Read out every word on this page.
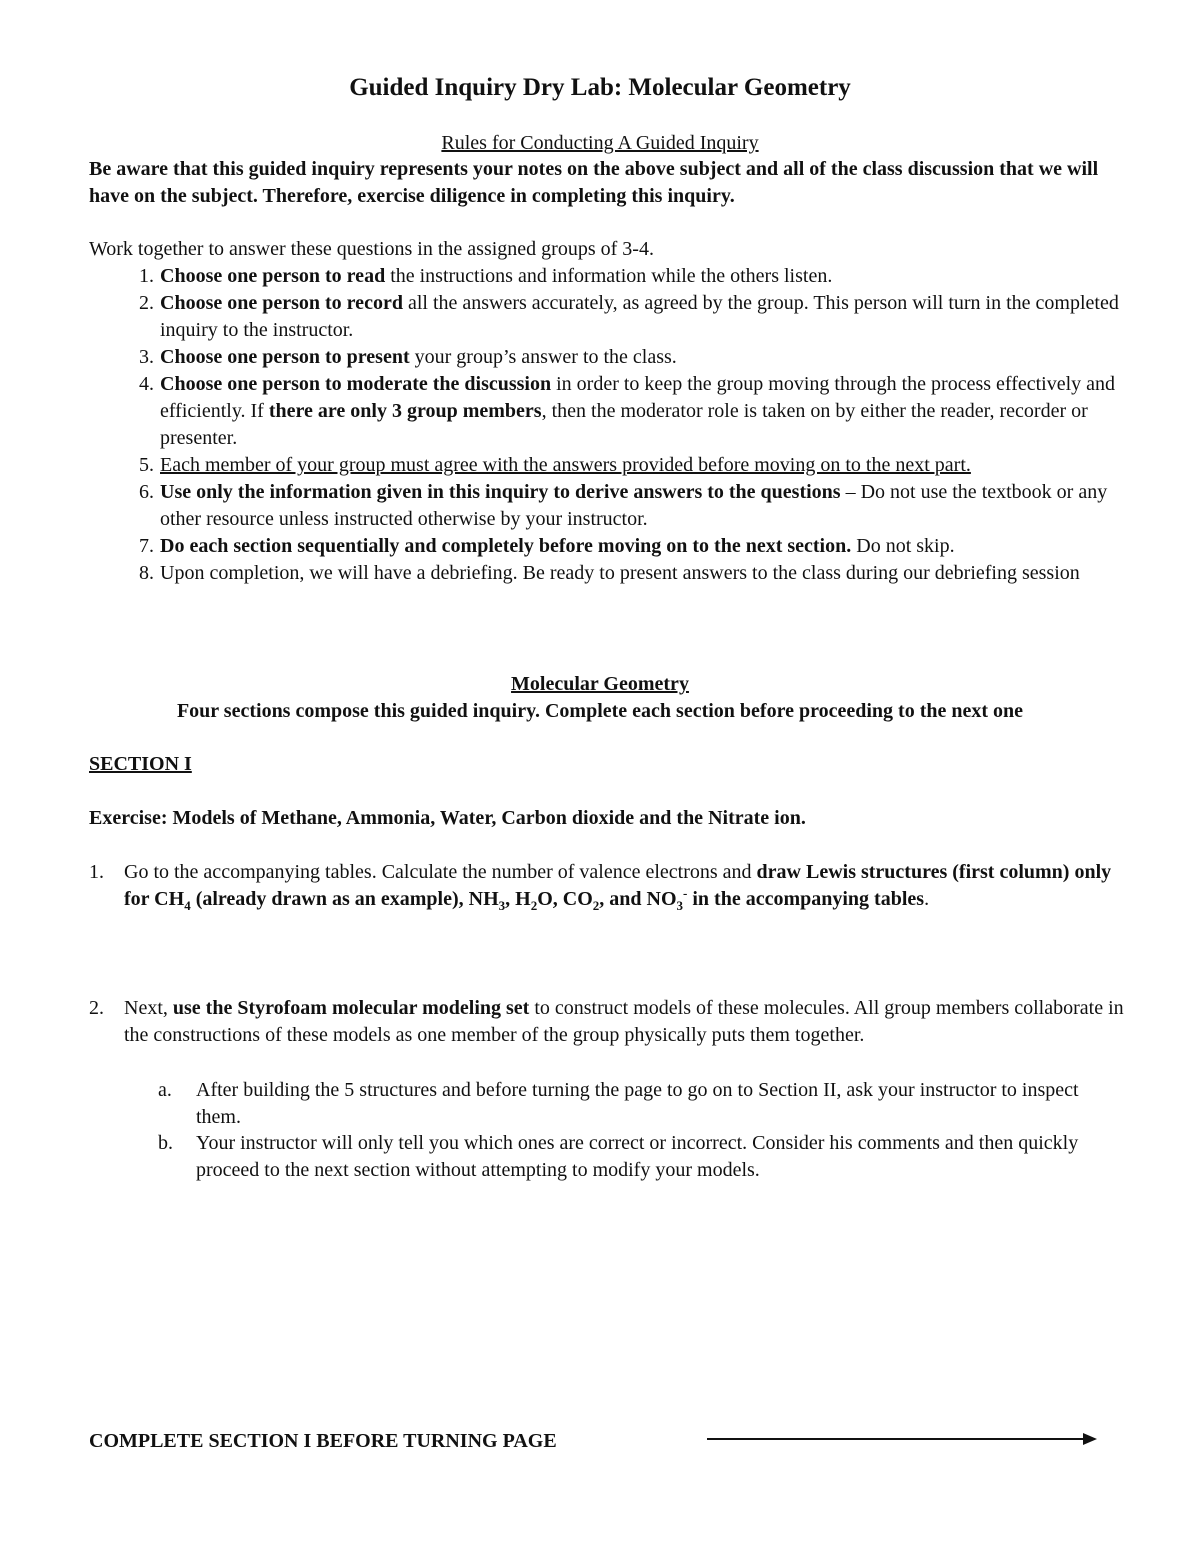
Guided Inquiry Dry Lab: Molecular Geometry
Rules for Conducting A Guided Inquiry
Be aware that this guided inquiry represents your notes on the above subject and all of the class discussion that we will have on the subject. Therefore, exercise diligence in completing this inquiry.
Work together to answer these questions in the assigned groups of 3-4.
1. Choose one person to read the instructions and information while the others listen.
2. Choose one person to record all the answers accurately, as agreed by the group. This person will turn in the completed inquiry to the instructor.
3. Choose one person to present your group’s answer to the class.
4. Choose one person to moderate the discussion in order to keep the group moving through the process effectively and efficiently. If there are only 3 group members, then the moderator role is taken on by either the reader, recorder or presenter.
5. Each member of your group must agree with the answers provided before moving on to the next part.
6. Use only the information given in this inquiry to derive answers to the questions – Do not use the textbook or any other resource unless instructed otherwise by your instructor.
7. Do each section sequentially and completely before moving on to the next section. Do not skip.
8. Upon completion, we will have a debriefing. Be ready to present answers to the class during our debriefing session
Molecular Geometry
Four sections compose this guided inquiry. Complete each section before proceeding to the next one
SECTION I
Exercise: Models of Methane, Ammonia, Water, Carbon dioxide and the Nitrate ion.
1.	Go to the accompanying tables. Calculate the number of valence electrons and draw Lewis structures (first column) only for $CH_4$ (already drawn as an example), $NH_3$, $H_2O$, $CO_2$, and $NO_3^-$ in the accompanying tables.
2.	Next, use the Styrofoam molecular modeling set to construct models of these molecules. All group members collaborate in the constructions of these models as one member of the group physically puts them together.
a.	After building the 5 structures and before turning the page to go on to Section II, ask your instructor to inspect them.
b.	Your instructor will only tell you which ones are correct or incorrect. Consider his comments and then quickly proceed to the next section without attempting to modify your models.
COMPLETE SECTION I BEFORE TURNING PAGE
